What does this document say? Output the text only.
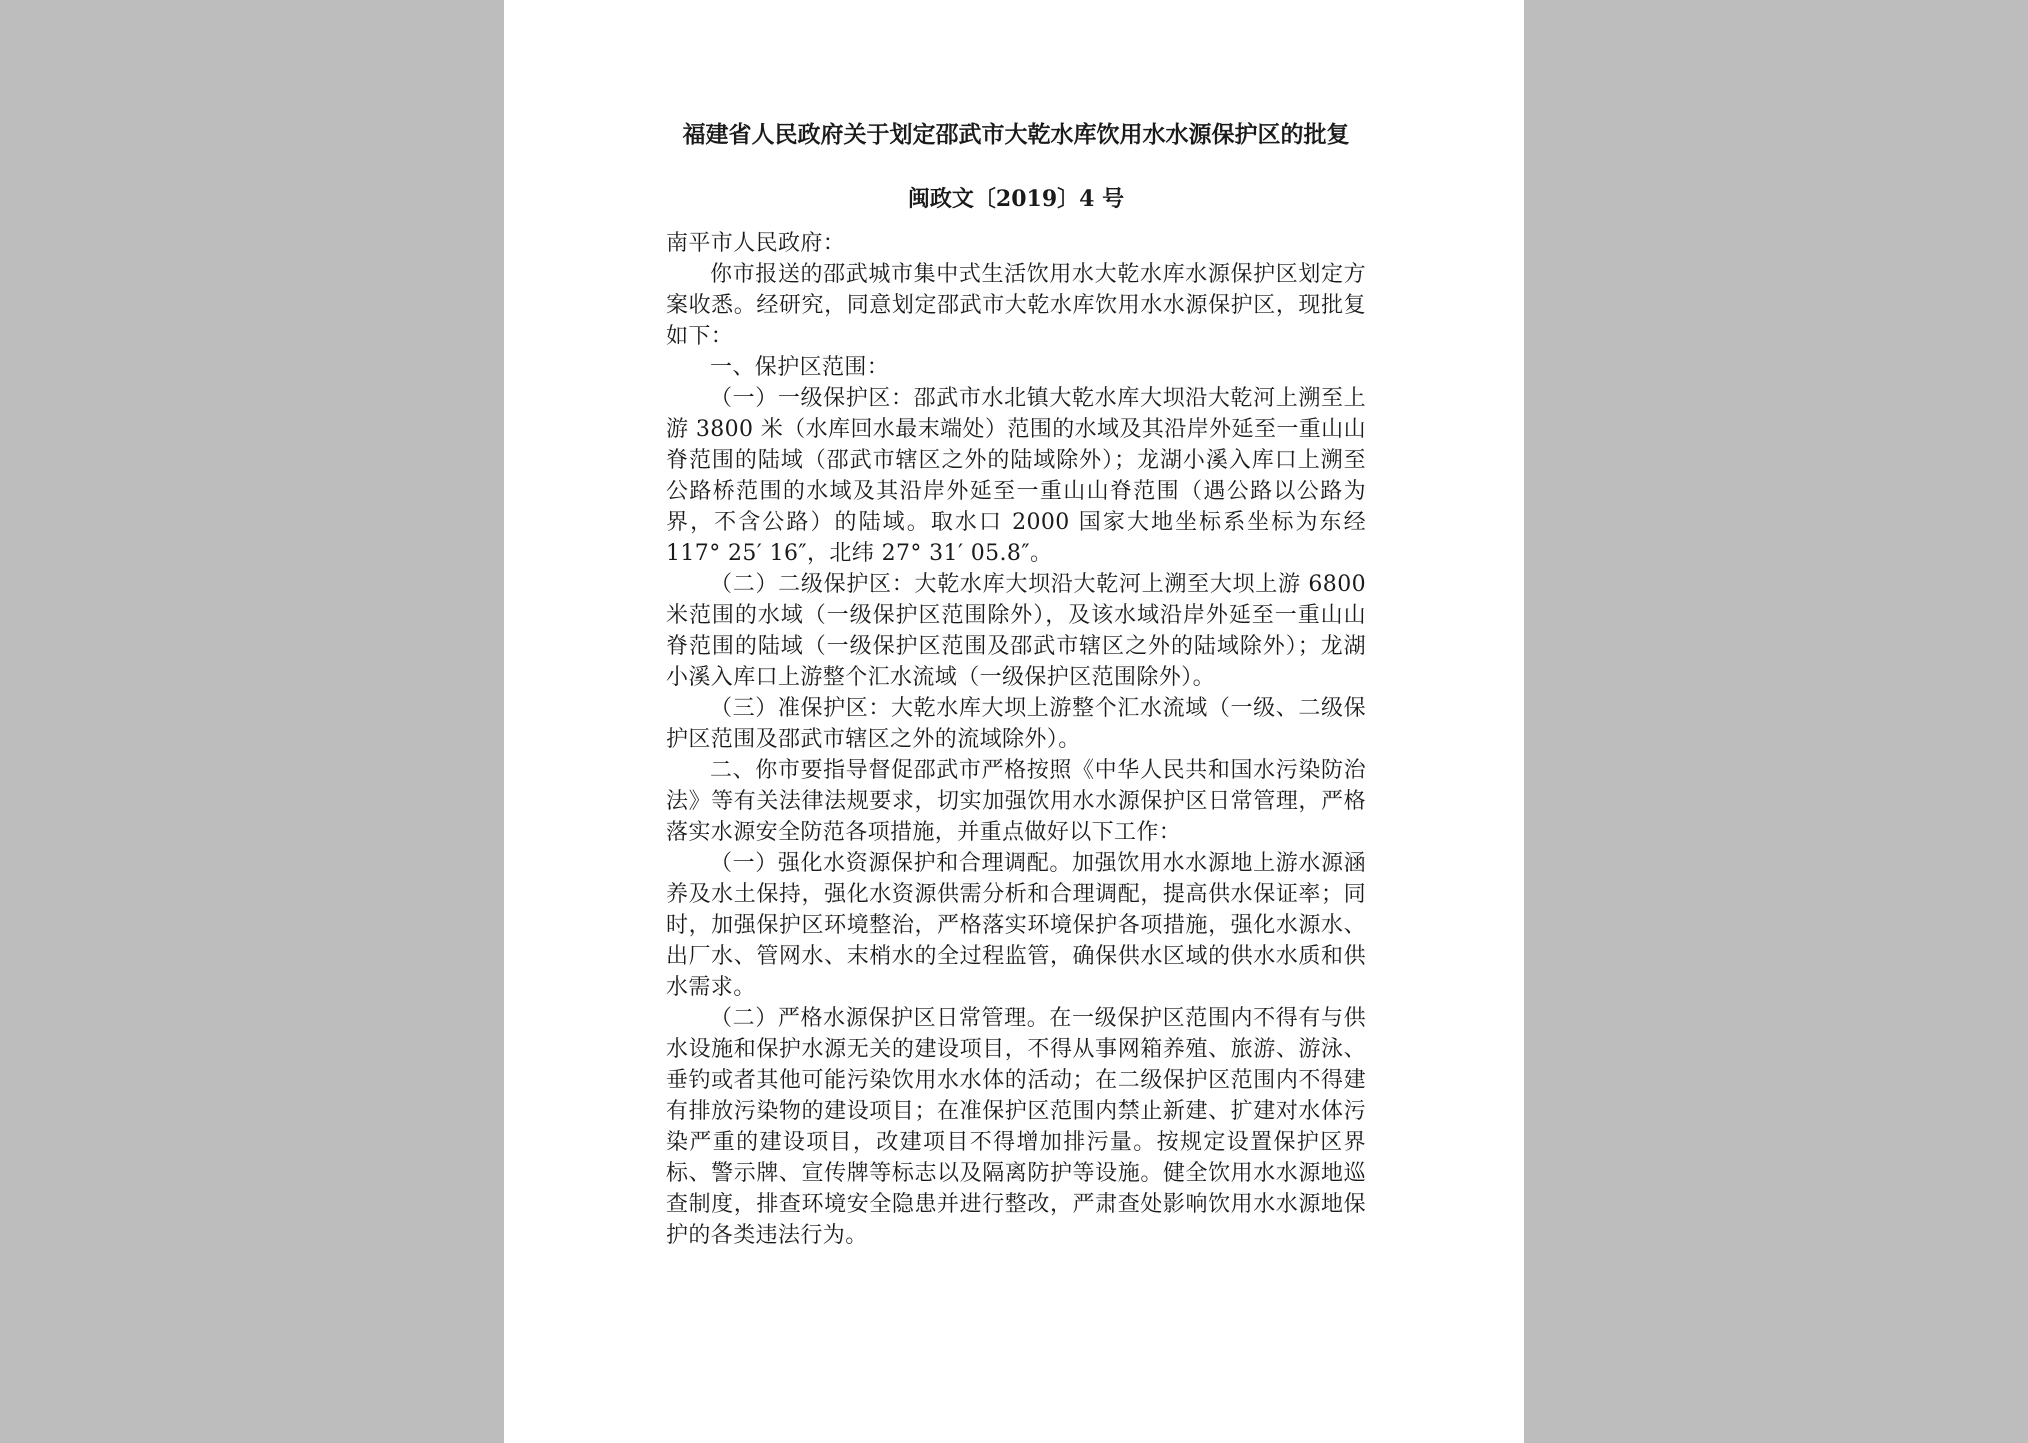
福建省人民政府关于划定邵武市大乾水库饮用水水源保护区的批复
闽政文〔2019〕4 号

南平市人民政府：

你市报送的邵武城市集中式生活饮用水大乾水库水源保护区划定方案收悉。经研究，同意划定邵武市大乾水库饮用水水源保护区，现批复如下：

一、保护区范围：

（一）一级保护区：邵武市水北镇大乾水库大坝沿大乾河上溯至上游 3800 米（水库回水最末端处）范围的水域及其沿岸外延至一重山山脊范围的陆域（邵武市辖区之外的陆域除外）；龙湖小溪入库口上溯至公路桥范围的水域及其沿岸外延至一重山山脊范围（遇公路以公路为界，不含公路）的陆域。取水口 2000 国家大地坐标系坐标为东经 117° 25′ 16″，北纬 27° 31′ 05.8″。

（二）二级保护区：大乾水库大坝沿大乾河上溯至大坝上游 6800 米范围的水域（一级保护区范围除外），及该水域沿岸外延至一重山山脊范围的陆域（一级保护区范围及邵武市辖区之外的陆域除外）；龙湖小溪入库口上游整个汇水流域（一级保护区范围除外）。

（三）准保护区：大乾水库大坝上游整个汇水流域（一级、二级保护区范围及邵武市辖区之外的流域除外）。

二、你市要指导督促邵武市严格按照《中华人民共和国水污染防治法》等有关法律法规要求，切实加强饮用水水源保护区日常管理，严格落实水源安全防范各项措施，并重点做好以下工作：

（一）强化水资源保护和合理调配。加强饮用水水源地上游水源涵养及水土保持，强化水资源供需分析和合理调配，提高供水保证率；同时，加强保护区环境整治，严格落实环境保护各项措施，强化水源水、出厂水、管网水、末梢水的全过程监管，确保供水区域的供水水质和供水需求。

（二）严格水源保护区日常管理。在一级保护区范围内不得有与供水设施和保护水源无关的建设项目，不得从事网箱养殖、旅游、游泳、垂钓或者其他可能污染饮用水水体的活动；在二级保护区范围内不得建有排放污染物的建设项目；在准保护区范围内禁止新建、扩建对水体污染严重的建设项目，改建项目不得增加排污量。按规定设置保护区界标、警示牌、宣传牌等标志以及隔离防护等设施。健全饮用水水源地巡查制度，排查环境安全隐患并进行整改，严肃查处影响饮用水水源地保护的各类违法行为。
